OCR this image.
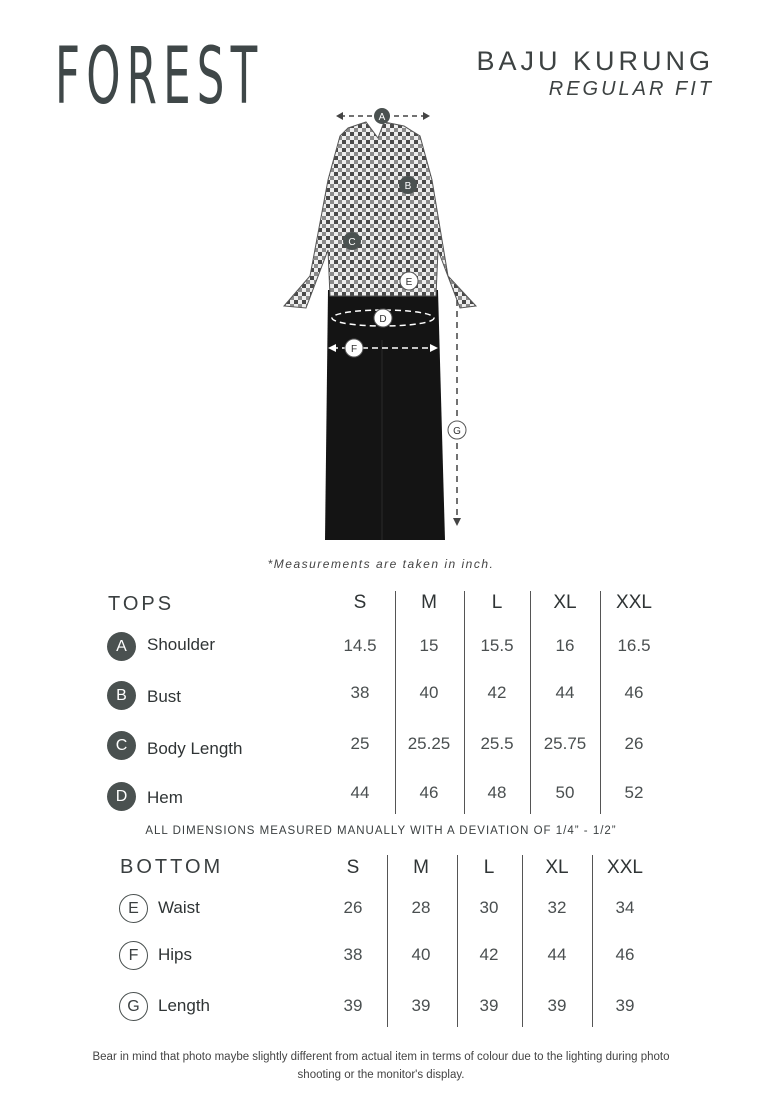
FOREST	BAJU KURUNG
REGULAR FIT
A
B
C
D
E
F
G
*Measurements are taken in inch.
TOPS	S	M	L	XL	XXL
A	Shoulder	14.5	15	15.5	16	16.5
B	Bust	38	40	42	44	46
C	Body Length	25	25.25	25.5	25.75	26
D	Hem	44	46	48	50	52
ALL DIMENSIONS MEASURED MANUALLY WITH A DEVIATION OF 1/4” - 1/2”
BOTTOM	S	M	L	XL	XXL
E	Waist	26	28	30	32	34
F	Hips	38	40	42	44	46
G	Length	39	39	39	39	39
Bear in mind that photo maybe slightly different from actual item in terms of colour due to the lighting during photo shooting or the monitor's display.
